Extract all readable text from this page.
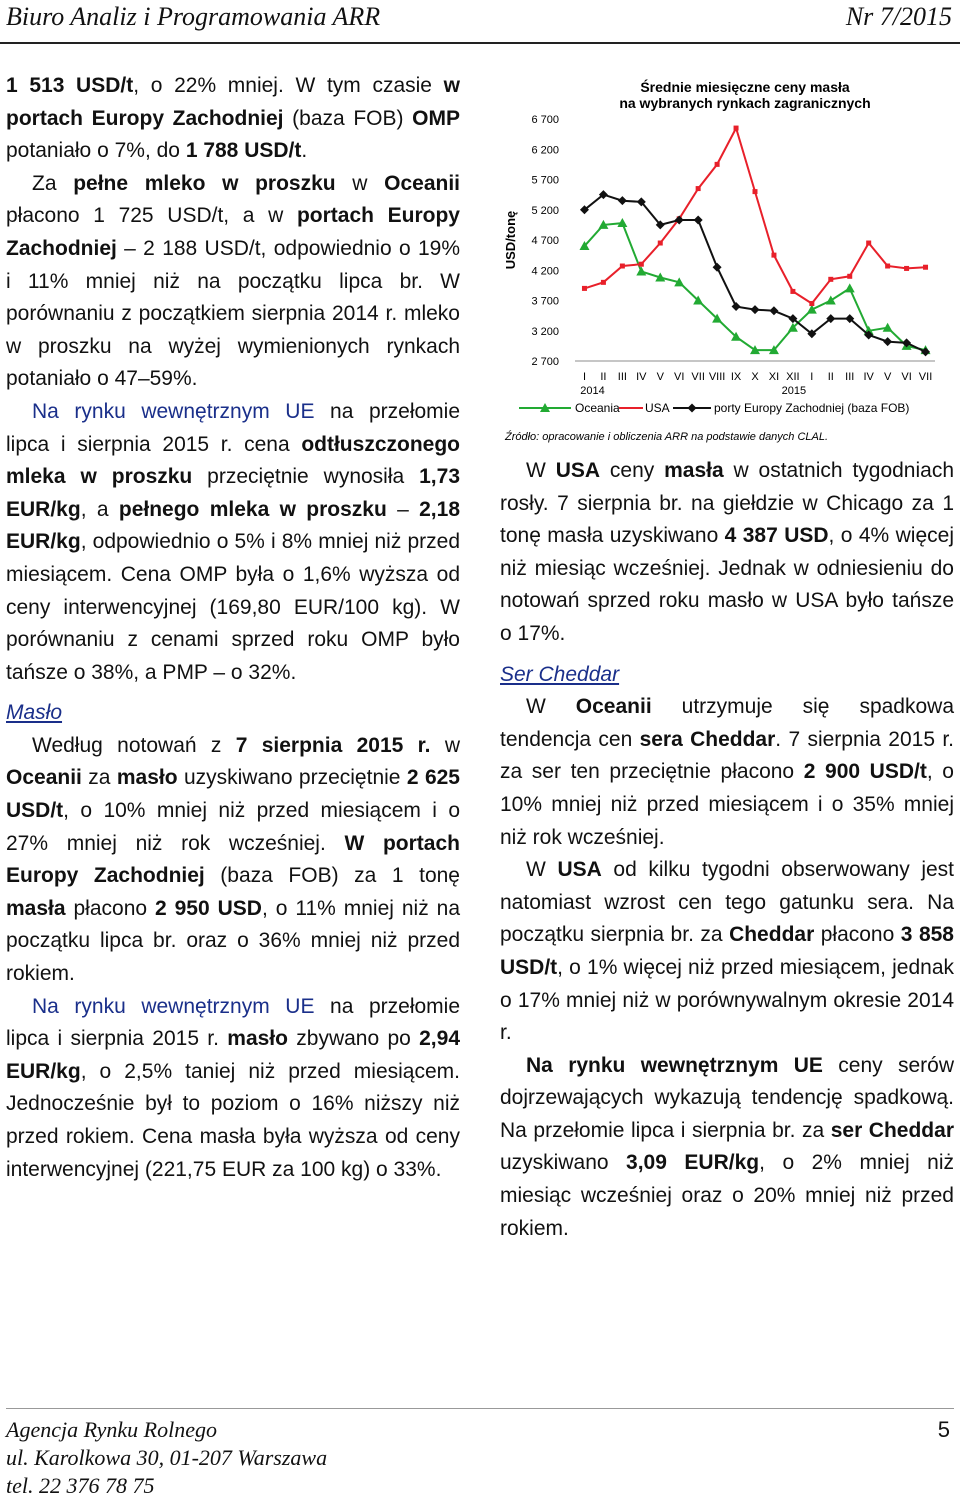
Biuro Analiz i Programowania ARR	Nr 7/2015

1 513 USD/t, o 22% mniej. W tym czasie w portach Europy Zachodniej (baza FOB) OMP potaniało o 7%, do 1 788 USD/t.

Za pełne mleko w proszku w Oceanii płacono 1 725 USD/t, a w portach Europy Zachodniej – 2 188 USD/t, odpowiednio o 19% i 11% mniej niż na początku lipca br. W porównaniu z początkiem sierpnia 2014 r. mleko w proszku na wyżej wymienionych rynkach potaniało o 47–59%.

Na rynku wewnętrznym UE na przełomie lipca i sierpnia 2015 r. cena odtłuszczonego mleka w proszku przeciętnie wynosiła 1,73 EUR/kg, a pełnego mleka w proszku – 2,18 EUR/kg, odpowiednio o 5% i 8% mniej niż przed miesiącem. Cena OMP była o 1,6% wyższa od ceny interwencyjnej (169,80 EUR/100 kg). W porównaniu z cenami sprzed roku OMP było tańsze o 38%, a PMP – o 32%.

Masło

Według notowań z 7 sierpnia 2015 r. w Oceanii za masło uzyskiwano przeciętnie 2 625 USD/t, o 10% mniej niż przed miesiącem i o 27% mniej niż rok wcześniej. W portach Europy Zachodniej (baza FOB) za 1 tonę masła płacono 2 950 USD, o 11% mniej niż na początku lipca br. oraz o 36% mniej niż przed rokiem.

Na rynku wewnętrznym UE na przełomie lipca i sierpnia 2015 r. masło zbywano po 2,94 EUR/kg, o 2,5% taniej niż przed miesiącem. Jednocześnie był to poziom o 16% niższy niż przed rokiem. Cena masła była wyższa od ceny interwencyjnej (221,75 EUR za 100 kg) o 33%.

Średnie miesięczne ceny masła
na wybranych rynkach zagranicznych
USD/tonę
6 700
6 200
5 700
5 200
4 700
4 200
3 700
3 200
2 700
I II III IV V VI VII VIII IX X XI XII I II III IV V VI VII
2014	2015
Oceania USA	porty Europy Zachodniej (baza FOB)
Źródło: opracowanie i obliczenia ARR na podstawie danych CLAL.

W USA ceny masła w ostatnich tygodniach rosły. 7 sierpnia br. na giełdzie w Chicago za 1 tonę masła uzyskiwano 4 387 USD, o 4% więcej niż miesiąc wcześniej. Jednak w odniesieniu do notowań sprzed roku masło w USA było tańsze o 17%.

Ser Cheddar

W Oceanii utrzymuje się spadkowa tendencja cen sera Cheddar. 7 sierpnia 2015 r. za ser ten przeciętnie płacono 2 900 USD/t, o 10% mniej niż przed miesiącem i o 35% mniej niż rok wcześniej.

W USA od kilku tygodni obserwowany jest natomiast wzrost cen tego gatunku sera. Na początku sierpnia br. za Cheddar płacono 3 858 USD/t, o 1% więcej niż przed miesiącem, jednak o 17% mniej niż w porównywalnym okresie 2014 r.

Na rynku wewnętrznym UE ceny serów dojrzewających wykazują tendencję spadkową. Na przełomie lipca i sierpnia br. za ser Cheddar uzyskiwano 3,09 EUR/kg, o 2% mniej niż miesiąc wcześniej oraz o 20% mniej niż przed rokiem.

Agencja Rynku Rolnego
ul. Karolkowa 30, 01-207 Warszawa
tel. 22 376 78 75
5
